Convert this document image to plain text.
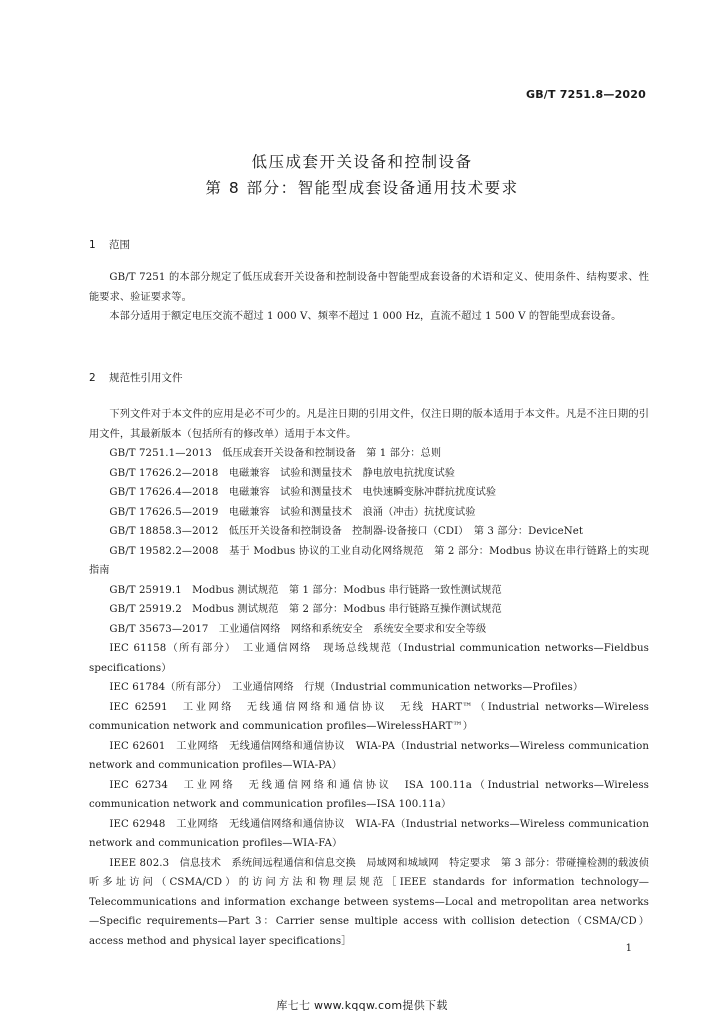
GB/T 7251.8—2020
低压成套开关设备和控制设备
第 8 部分：智能型成套设备通用技术要求
1 范围

GB/T 7251 的本部分规定了低压成套开关设备和控制设备中智能型成套设备的术语和定义、使用条件、结构要求、性能要求、验证要求等。

本部分适用于额定电压交流不超过 1 000 V、频率不超过 1 000 Hz，直流不超过 1 500 V 的智能型成套设备。

2 规范性引用文件

下列文件对于本文件的应用是必不可少的。凡是注日期的引用文件，仅注日期的版本适用于本文件。凡是不注日期的引用文件，其最新版本（包括所有的修改单）适用于本文件。

GB/T 7251.1—2013　低压成套开关设备和控制设备　第 1 部分：总则

GB/T 17626.2—2018　电磁兼容　试验和测量技术　静电放电抗扰度试验

GB/T 17626.4—2018　电磁兼容　试验和测量技术　电快速瞬变脉冲群抗扰度试验

GB/T 17626.5—2019　电磁兼容　试验和测量技术　浪涌（冲击）抗扰度试验

GB/T 18858.3—2012　低压开关设备和控制设备　控制器-设备接口（CDI）　第 3 部分：DeviceNet

GB/T 19582.2—2008　基于 Modbus 协议的工业自动化网络规范　第 2 部分：Modbus 协议在串行链路上的实现指南

GB/T 25919.1　Modbus 测试规范　第 1 部分：Modbus 串行链路一致性测试规范

GB/T 25919.2　Modbus 测试规范　第 2 部分：Modbus 串行链路互操作测试规范

GB/T 35673—2017　工业通信网络　网络和系统安全　系统安全要求和安全等级

IEC 61158（所有部分）　工业通信网络　现场总线规范（Industrial communication networks—Fieldbus specifications）

IEC 61784（所有部分）　工业通信网络　行规（Industrial communication networks—Profiles）

IEC 62591　工业网络　无线通信网络和通信协议　无线 HART™（Industrial networks—Wireless communication network and communication profiles—WirelessHART™）

IEC 62601　工业网络　无线通信网络和通信协议　WIA-PA（Industrial networks—Wireless communication network and communication profiles—WIA-PA）

IEC 62734　工业网络　无线通信网络和通信协议　ISA 100.11a（Industrial networks—Wireless communication network and communication profiles—ISA 100.11a）

IEC 62948　工业网络　无线通信网络和通信协议　WIA-FA（Industrial networks—Wireless communication network and communication profiles—WIA-FA）

IEEE 802.3　信息技术　系统间远程通信和信息交换　局域网和城域网　特定要求　第 3 部分：带碰撞检测的载波侦听多址访问（CSMA/CD）的访问方法和物理层规范［IEEE standards for information technology—Telecommunications and information exchange between systems—Local and metropolitan area networks—Specific requirements—Part 3：Carrier sense multiple access with collision detection（CSMA/CD）access method and physical layer specifications］

1
库七七 www.kqqw.com提供下载
